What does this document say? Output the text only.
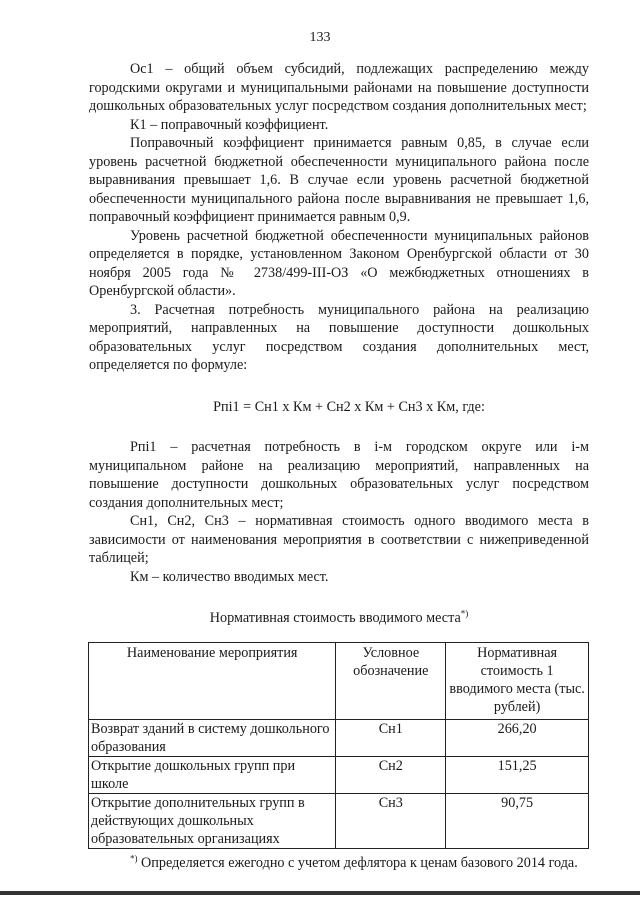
133

Ос1 – общий объем субсидий, подлежащих распределению между городскими округами и муниципальными районами на повышение доступности дошкольных образовательных услуг посредством создания дополнительных мест;

К1 – поправочный коэффициент.

Поправочный коэффициент принимается равным 0,85, в случае если уровень расчетной бюджетной обеспеченности муниципального района после выравнивания превышает 1,6. В случае если уровень расчетной бюджетной обеспеченности муниципального района после выравнивания не превышает 1,6, поправочный коэффициент принимается равным 0,9.

Уровень расчетной бюджетной обеспеченности муниципальных районов определяется в порядке, установленном Законом Оренбургской области от 30 ноября 2005 года № 2738/499-III-ОЗ «О межбюджетных отношениях в Оренбургской области».

3. Расчетная потребность муниципального района на реализацию мероприятий, направленных на повышение доступности дошкольных образовательных услуг посредством создания дополнительных мест, определяется по формуле:

Рпi1 = Сн1 x Км + Сн2 x Км + Сн3 x Км, где:

Рпi1 – расчетная потребность в i-м городском округе или i-м муниципальном районе на реализацию мероприятий, направленных на повышение доступности дошкольных образовательных услуг посредством создания дополнительных мест;

Сн1, Сн2, Сн3 – нормативная стоимость одного вводимого места в зависимости от наименования мероприятия в соответствии с нижеприведенной таблицей;

Км – количество вводимых мест.

Нормативная стоимость вводимого места*)

Наименование мероприятия	Условное обозначение	Нормативная стоимость 1 вводимого места (тыс. рублей)
Возврат зданий в систему дошкольного образования	Сн1	266,20
Открытие дошкольных групп при школе	Сн2	151,25
Открытие дополнительных групп в действующих дошкольных образовательных организациях	Сн3	90,75

*) Определяется ежегодно с учетом дефлятора к ценам базового 2014 года.
